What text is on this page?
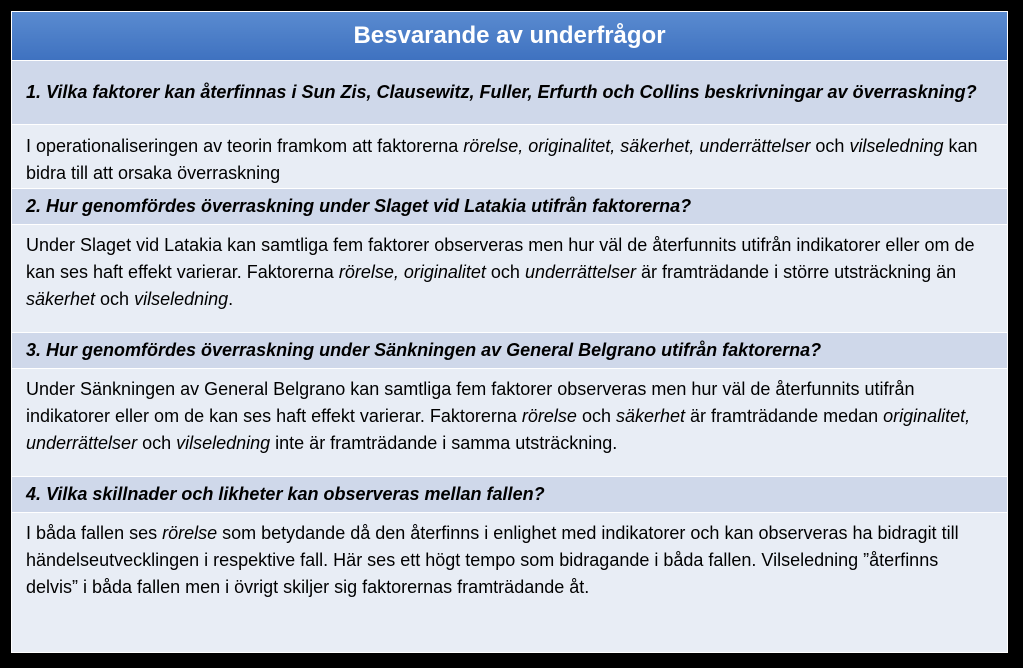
Besvarande av underfrågor
1. Vilka faktorer kan återfinnas i Sun Zis, Clausewitz, Fuller, Erfurth och Collins beskrivningar av överraskning?
I operationaliseringen av teorin framkom att faktorerna rörelse, originalitet, säkerhet, underrättelser och vilseledning kan bidra till att orsaka överraskning
2. Hur genomfördes överraskning under Slaget vid Latakia utifrån faktorerna?
Under Slaget vid Latakia kan samtliga fem faktorer observeras men hur väl de återfunnits utifrån indikatorer eller om de kan ses haft effekt varierar. Faktorerna rörelse, originalitet och underrättelser är framträdande i större utsträckning än säkerhet och vilseledning.
3. Hur genomfördes överraskning under Sänkningen av General Belgrano utifrån faktorerna?
Under Sänkningen av General Belgrano kan samtliga fem faktorer observeras men hur väl de återfunnits utifrån indikatorer eller om de kan ses haft effekt varierar. Faktorerna rörelse och säkerhet är framträdande medan originalitet, underrättelser och vilseledning inte är framträdande i samma utsträckning.
4. Vilka skillnader och likheter kan observeras mellan fallen?
I båda fallen ses rörelse som betydande då den återfinns i enlighet med indikatorer och kan observeras ha bidragit till händelseutvecklingen i respektive fall. Här ses ett högt tempo som bidragande i båda fallen. Vilseledning ”återfinns delvis” i båda fallen men i övrigt skiljer sig faktorernas framträdande åt.
